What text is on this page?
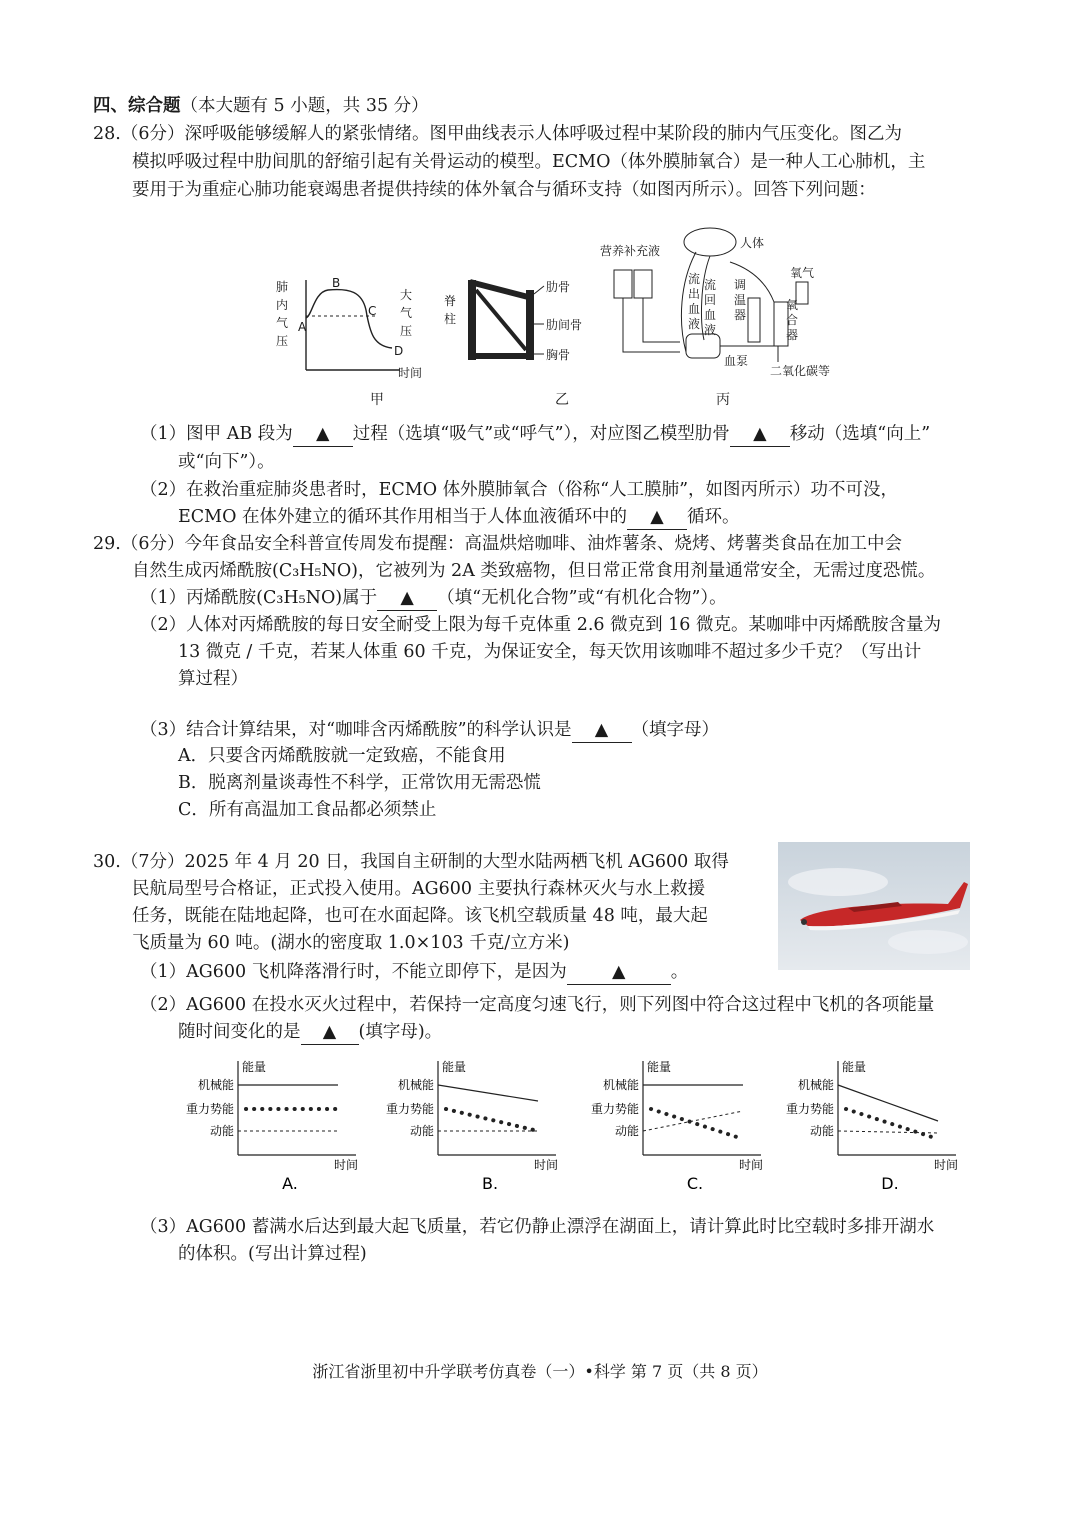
四、综合题（本大题有 5 小题，共 35 分）
28.（6分）深呼吸能够缓解人的紧张情绪。图甲曲线表示人体呼吸过程中某阶段的肺内气压变化。图乙为
模拟呼吸过程中肋间肌的舒缩引起有关骨运动的模型。ECMO（体外膜肺氧合）是一种人工心肺机，主
要用于为重症心肺功能衰竭患者提供持续的体外氧合与循环支持（如图丙所示）。回答下列问题：
肺
内
气
压
大
气
压
A
B
C
D
时间
甲
脊
柱
肋骨
肋间骨
胸骨
乙
营养补充液
人体
流
出
血
液
流
回
血
液
调
温
器
氧气
氧
合
器
血泵
二氧化碳等
丙
（1）图甲 AB 段为 ▲ 过程（选填“吸气”或“呼气”），对应图乙模型肋骨 ▲ 移动（选填“向上”
或“向下”）。
（2）在救治重症肺炎患者时，ECMO 体外膜肺氧合（俗称“人工膜肺”，如图丙所示）功不可没，
ECMO 在体外建立的循环其作用相当于人体血液循环中的 ▲ 循环。
29.（6分）今年食品安全科普宣传周发布提醒：高温烘焙咖啡、油炸薯条、烧烤、烤薯类食品在加工中会
自然生成丙烯酰胺(C₃H₅NO)，它被列为 2A 类致癌物，但日常正常食用剂量通常安全，无需过度恐慌。
（1）丙烯酰胺(C₃H₅NO)属于 ▲ （填“无机化合物”或“有机化合物”）。
（2）人体对丙烯酰胺的每日安全耐受上限为每千克体重 2.6 微克到 16 微克。某咖啡中丙烯酰胺含量为
13 微克 / 千克，若某人体重 60 千克，为保证安全，每天饮用该咖啡不超过多少千克？（写出计
算过程）
（3）结合计算结果，对“咖啡含丙烯酰胺”的科学认识是 ▲ （填字母）
A．只要含丙烯酰胺就一定致癌，不能食用
B．脱离剂量谈毒性不科学，正常饮用无需恐慌
C．所有高温加工食品都必须禁止
30.（7分）2025 年 4 月 20 日，我国自主研制的大型水陆两栖飞机 AG600 取得
民航局型号合格证，正式投入使用。AG600 主要执行森林灭火与水上救援
任务，既能在陆地起降，也可在水面起降。该飞机空载质量 48 吨，最大起
飞质量为 60 吨。(湖水的密度取 1.0×103 千克/立方米)
（1）AG600 飞机降落滑行时，不能立即停下，是因为	▲	。
（2）AG600 在投水灭火过程中，若保持一定高度匀速飞行，则下列图中符合这过程中飞机的各项能量
随时间变化的是 ▲ (填字母)。
能量
时间
机械能
重力势能
动能
A.
能量
时间
机械能
重力势能
动能
B.
能量
时间
机械能
重力势能
动能
C.
能量
时间
机械能
重力势能
动能
D.
（3）AG600 蓄满水后达到最大起飞质量，若它仍静止漂浮在湖面上，请计算此时比空载时多排开湖水
的体积。(写出计算过程)
浙江省浙里初中升学联考仿真卷（一）•科学 第 7 页（共 8 页）
